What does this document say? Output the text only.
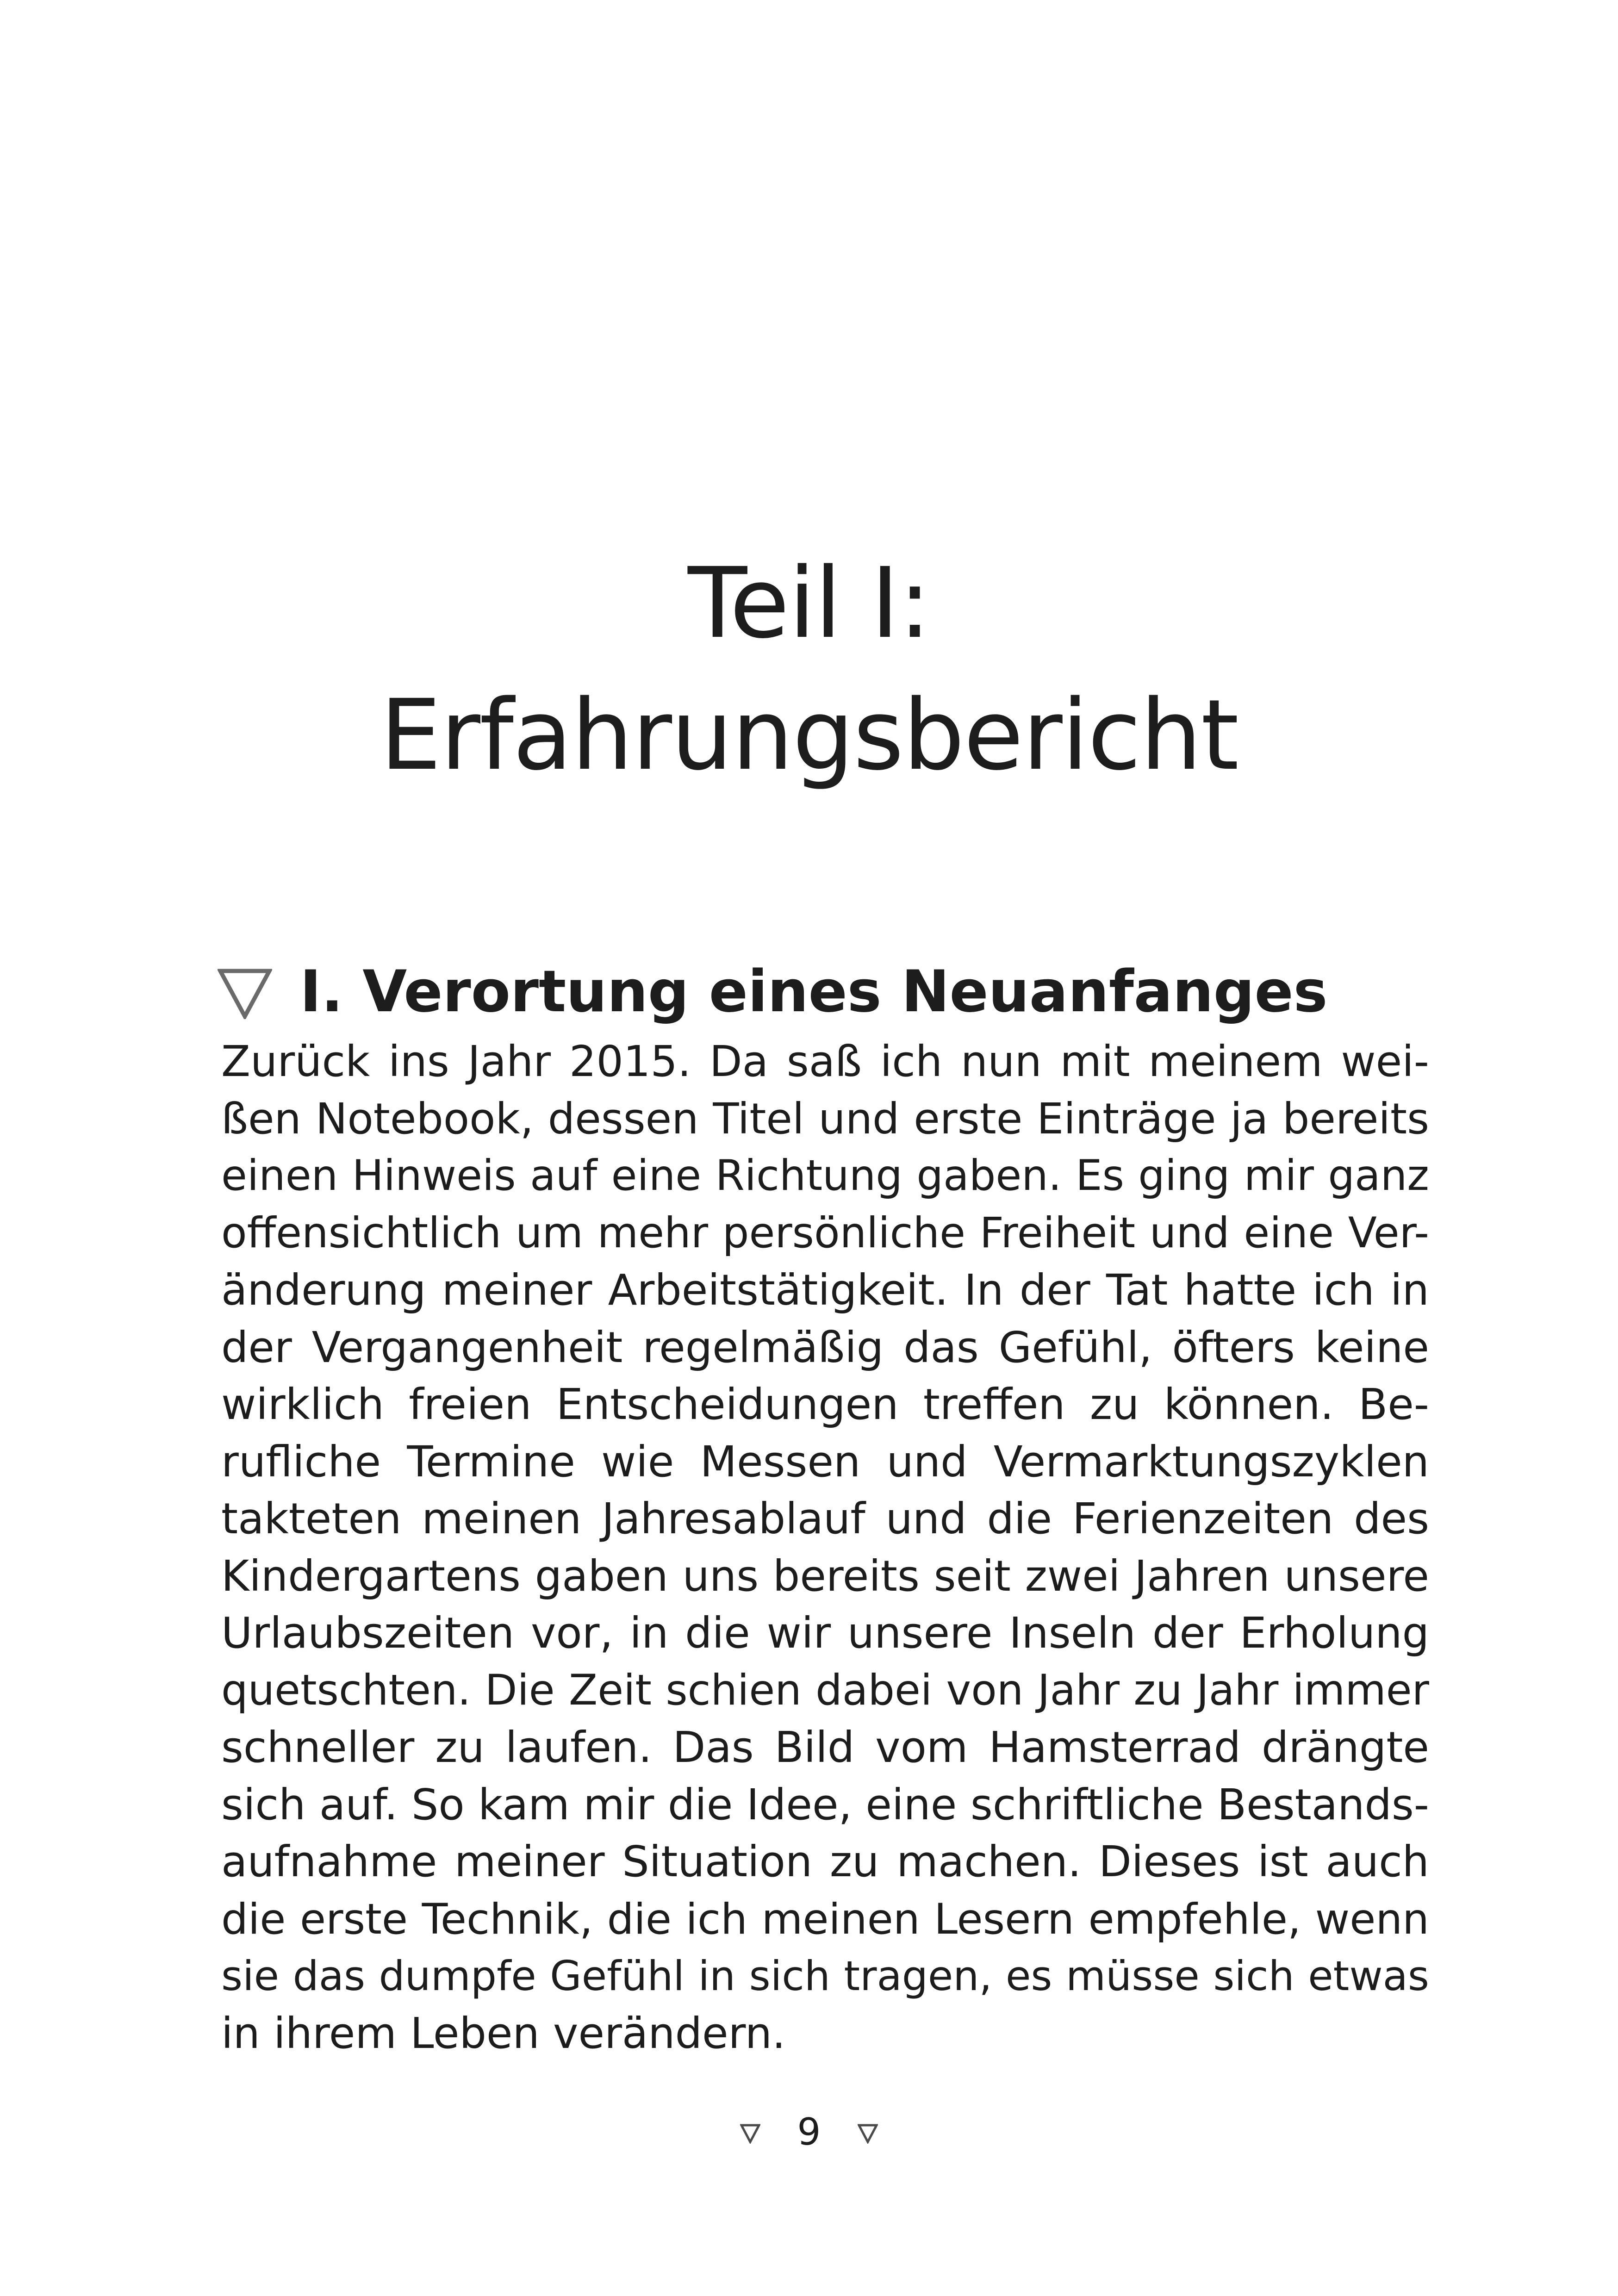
Teil I:
Erfahrungsbericht
I. Verortung eines Neuanfanges
Zurück ins Jahr 2015. Da saß ich nun mit meinem wei-
ßen Notebook, dessen Titel und erste Einträge ja bereits
einen Hinweis auf eine Richtung gaben. Es ging mir ganz
offensichtlich um mehr persönliche Freiheit und eine Ver-
änderung meiner Arbeitstätigkeit. In der Tat hatte ich in
der Vergangenheit regelmäßig das Gefühl, öfters keine
wirklich freien Entscheidungen treffen zu können. Be-
rufliche Termine wie Messen und Vermarktungszyklen
takteten meinen Jahresablauf und die Ferienzeiten des
Kindergartens gaben uns bereits seit zwei Jahren unsere
Urlaubszeiten vor, in die wir unsere Inseln der Erholung
quetschten. Die Zeit schien dabei von Jahr zu Jahr immer
schneller zu laufen. Das Bild vom Hamsterrad drängte
sich auf. So kam mir die Idee, eine schriftliche Bestands-
aufnahme meiner Situation zu machen. Dieses ist auch
die erste Technik, die ich meinen Lesern empfehle, wenn
sie das dumpfe Gefühl in sich tragen, es müsse sich etwas
in ihrem Leben verändern.
9
